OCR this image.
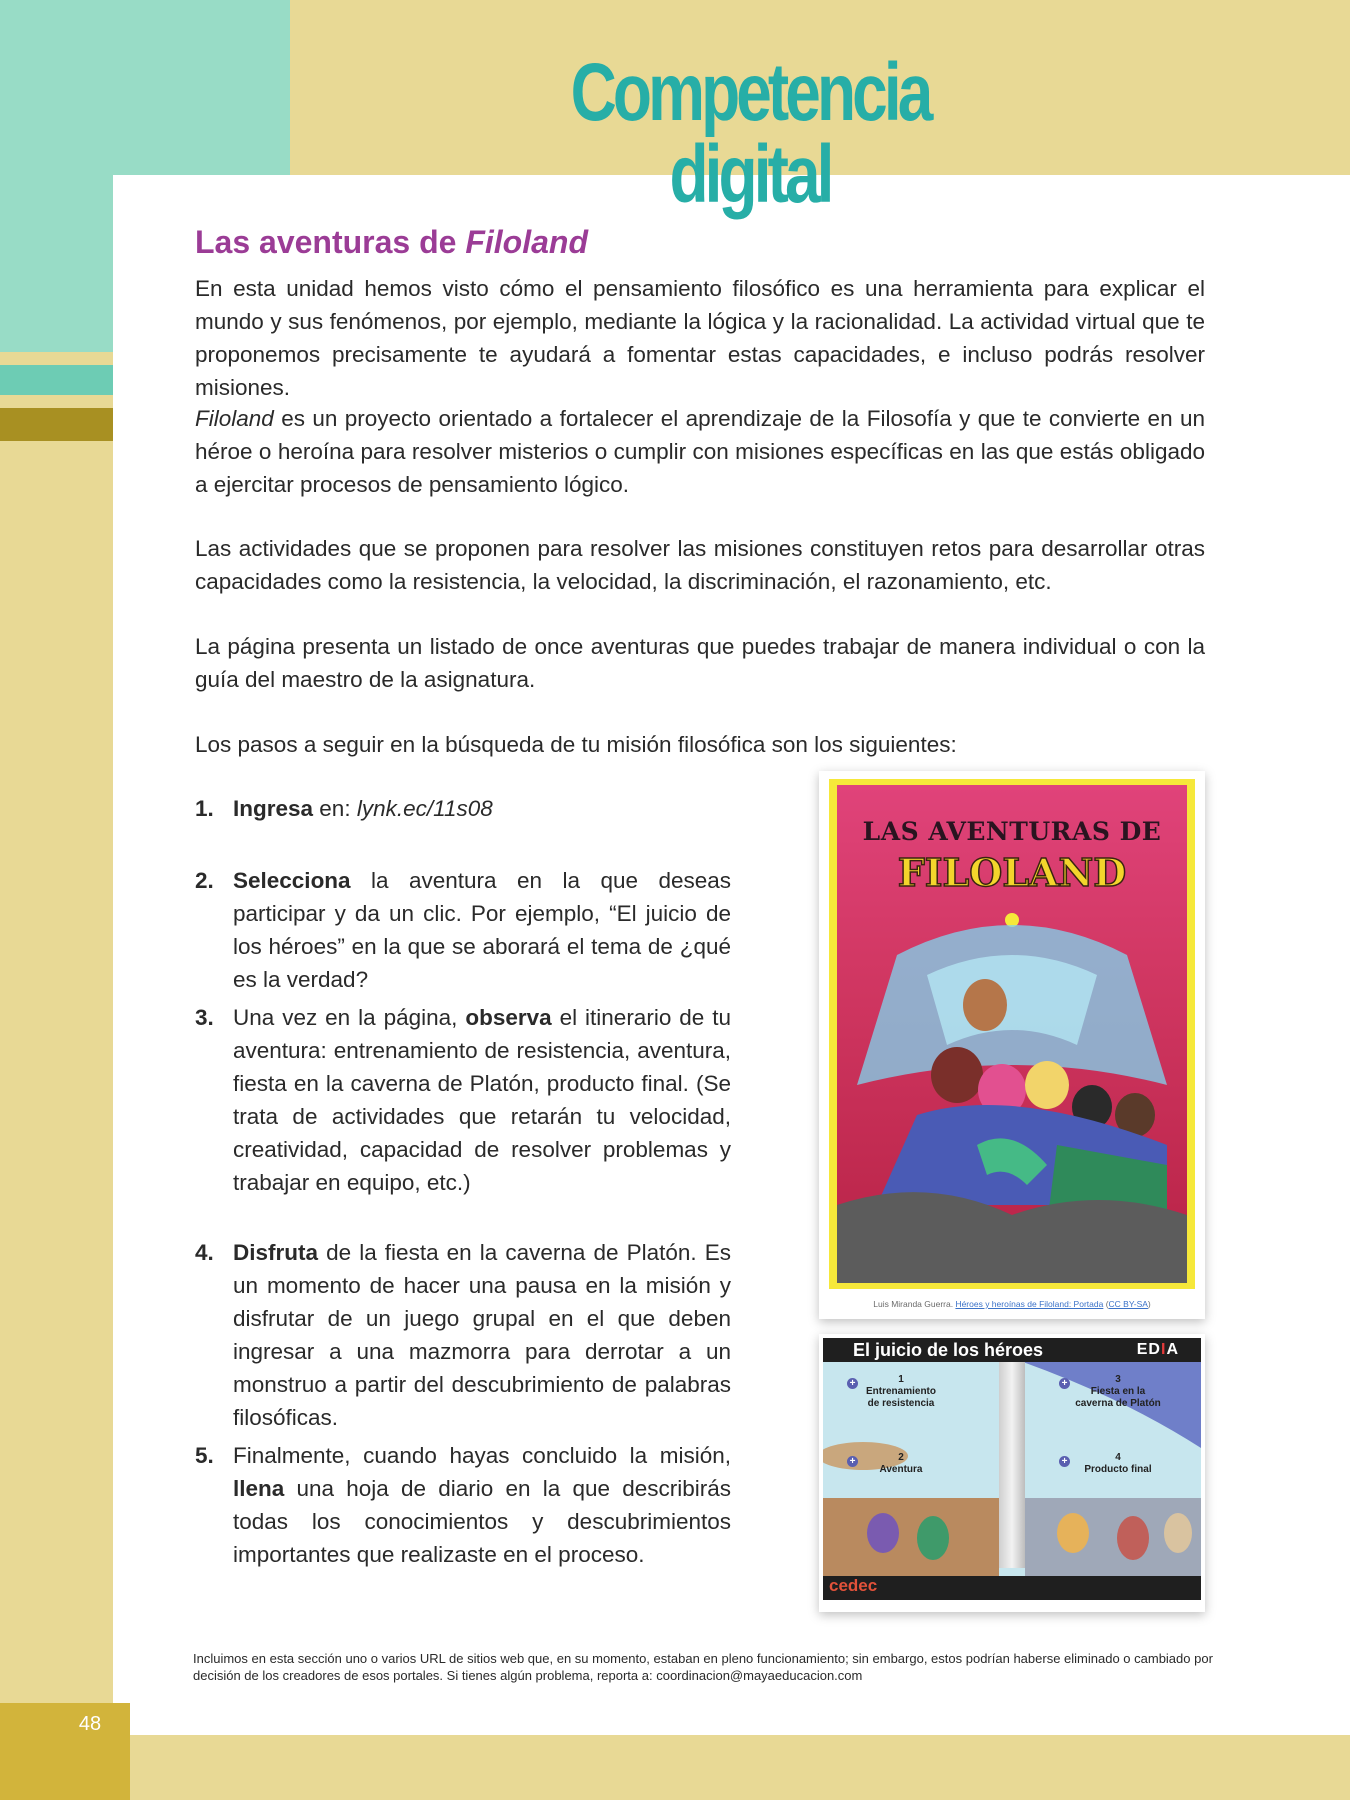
48
Competencia digital
Las aventuras de Filoland

En esta unidad hemos visto cómo el pensamiento filosófico es una herramienta para explicar el mundo y sus fenómenos, por ejemplo, mediante la lógica y la racionalidad. La actividad virtual que te proponemos precisamente te ayudará a fomentar estas capacidades, e incluso podrás resolver misiones.

Filoland es un proyecto orientado a fortalecer el aprendizaje de la Filosofía y que te convierte en un héroe o heroína para resolver misterios o cumplir con misiones específicas en las que estás obligado a ejercitar procesos de pensamiento lógico.

Las actividades que se proponen para resolver las misiones constituyen retos para desarrollar otras capacidades como la resistencia, la velocidad, la discriminación, el razonamiento, etc.

La página presenta un listado de once aventuras que puedes trabajar de manera individual o con la guía del maestro de la asignatura.

Los pasos a seguir en la búsqueda de tu misión filosófica son los siguientes:

1. Ingresa en: lynk.ec/11s08
2. Selecciona la aventura en la que deseas participar y da un clic. Por ejemplo, “El juicio de los héroes” en la que se aborará el tema de ¿qué es la verdad?
3. Una vez en la página, observa el itinerario de tu aventura: entrenamiento de resistencia, aventura, fiesta en la caverna de Platón, producto final. (Se trata de actividades que retarán tu velocidad, creatividad, capacidad de resolver problemas y trabajar en equipo, etc.)
4. Disfruta de la fiesta en la caverna de Platón. Es un momento de hacer una pausa en la misión y disfrutar de un juego grupal en el que deben ingresar a una mazmorra para derrotar a un monstruo a partir del descubrimiento de palabras filosóficas.
5. Finalmente, cuando hayas concluido la misión, llena una hoja de diario en la que describirás todas los conocimientos y descubrimientos importantes que realizaste en el proceso.
LAS AVENTURAS DE
FILOLAND
Luis Miranda Guerra. Héroes y heroínas de Filoland: Portada (CC BY-SA)
El juicio de los héroes	EDIA
+	1
Entrenamiento de resistencia
+	3
Fiesta en la caverna de Platón
+	2
Aventura
+	4
Producto final
cedec

Incluimos en esta sección uno o varios URL de sitios web que, en su momento, estaban en pleno funcionamiento; sin embargo, estos podrían haberse eliminado o cambiado por decisión de los creadores de esos portales. Si tienes algún problema, reporta a: coordinacion@mayaeducacion.com
